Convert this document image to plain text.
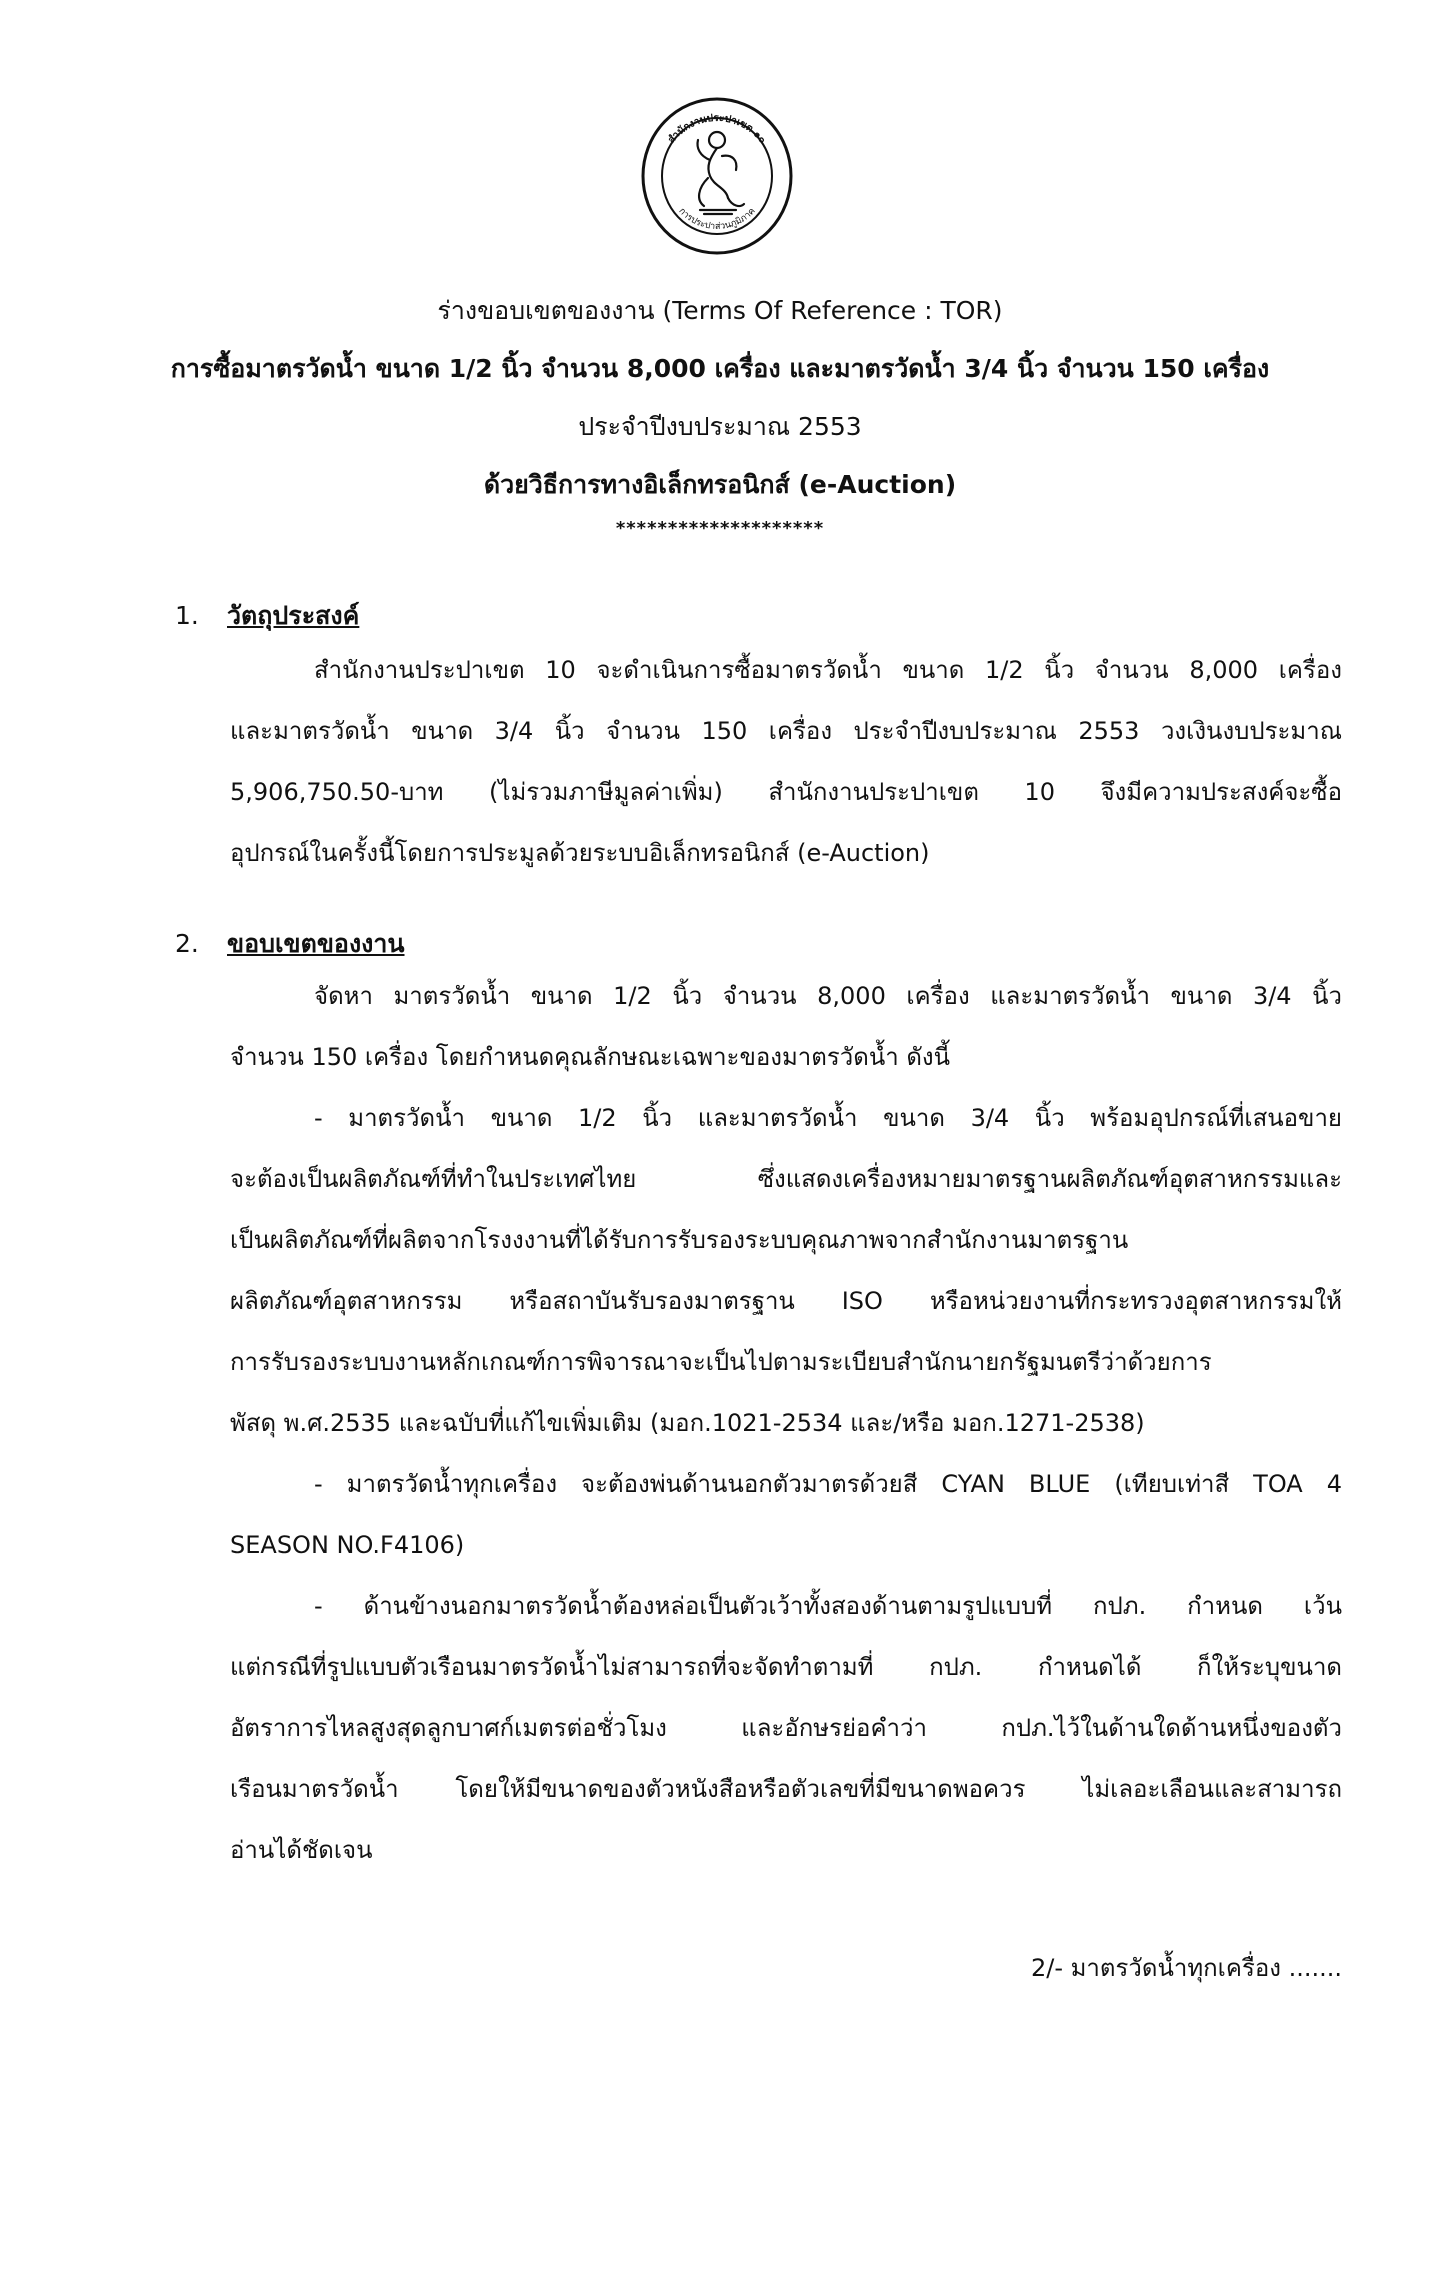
สำนักงานประปาเขต ๑๐
การประปาส่วนภูมิภาค
ร่างขอบเขตของงาน (Terms Of Reference : TOR)
การซื้อมาตรวัดน้ำ ขนาด 1/2 นิ้ว จำนวน 8,000 เครื่อง และมาตรวัดน้ำ 3/4 นิ้ว จำนวน 150 เครื่อง
ประจำปีงบประมาณ 2553
ด้วยวิธีการทางอิเล็กทรอนิกส์ (e-Auction)
********************
1. วัตถุประสงค์
สำนักงานประปาเขต 10 จะดำเนินการซื้อมาตรวัดน้ำ ขนาด 1/2 นิ้ว จำนวน 8,000 เครื่อง
และมาตรวัดน้ำ ขนาด 3/4 นิ้ว จำนวน 150 เครื่อง ประจำปีงบประมาณ 2553 วงเงินงบประมาณ
5,906,750.50-บาท (ไม่รวมภาษีมูลค่าเพิ่ม) สำนักงานประปาเขต 10 จึงมีความประสงค์จะซื้อ
อุปกรณ์ในครั้งนี้โดยการประมูลด้วยระบบอิเล็กทรอนิกส์ (e-Auction)
2. ขอบเขตของงาน
จัดหา มาตรวัดน้ำ ขนาด 1/2 นิ้ว จำนวน 8,000 เครื่อง และมาตรวัดน้ำ ขนาด 3/4 นิ้ว
จำนวน 150 เครื่อง โดยกำหนดคุณลักษณะเฉพาะของมาตรวัดน้ำ ดังนี้
- มาตรวัดน้ำ ขนาด 1/2 นิ้ว และมาตรวัดน้ำ ขนาด 3/4 นิ้ว พร้อมอุปกรณ์ที่เสนอขาย
จะต้องเป็นผลิตภัณฑ์ที่ทำในประเทศไทย ซึ่งแสดงเครื่องหมายมาตรฐานผลิตภัณฑ์อุตสาหกรรมและ
เป็นผลิตภัณฑ์ที่ผลิตจากโรงงงานที่ได้รับการรับรองระบบคุณภาพจากสำนักงานมาตรฐาน
ผลิตภัณฑ์อุตสาหกรรม หรือสถาบันรับรองมาตรฐาน ISO หรือหน่วยงานที่กระทรวงอุตสาหกรรมให้
การรับรองระบบงานหลักเกณฑ์การพิจารณาจะเป็นไปตามระเบียบสำนักนายกรัฐมนตรีว่าด้วยการ
พัสดุ พ.ศ.2535 และฉบับที่แก้ไขเพิ่มเติม (มอก.1021-2534 และ/หรือ มอก.1271-2538)
- มาตรวัดน้ำทุกเครื่อง จะต้องพ่นด้านนอกตัวมาตรด้วยสี CYAN BLUE (เทียบเท่าสี TOA 4
SEASON NO.F4106)
- ด้านข้างนอกมาตรวัดน้ำต้องหล่อเป็นตัวเว้าทั้งสองด้านตามรูปแบบที่ กปภ. กำหนด เว้น
แต่กรณีที่รูปแบบตัวเรือนมาตรวัดน้ำไม่สามารถที่จะจัดทำตามที่ กปภ. กำหนดได้ ก็ให้ระบุขนาด
อัตราการไหลสูงสุดลูกบาศก์เมตรต่อชั่วโมง และอักษรย่อคำว่า กปภ.ไว้ในด้านใดด้านหนึ่งของตัว
เรือนมาตรวัดน้ำ โดยให้มีขนาดของตัวหนังสือหรือตัวเลขที่มีขนาดพอควร ไม่เลอะเลือนและสามารถ
อ่านได้ชัดเจน
2/- มาตรวัดน้ำทุกเครื่อง .......
